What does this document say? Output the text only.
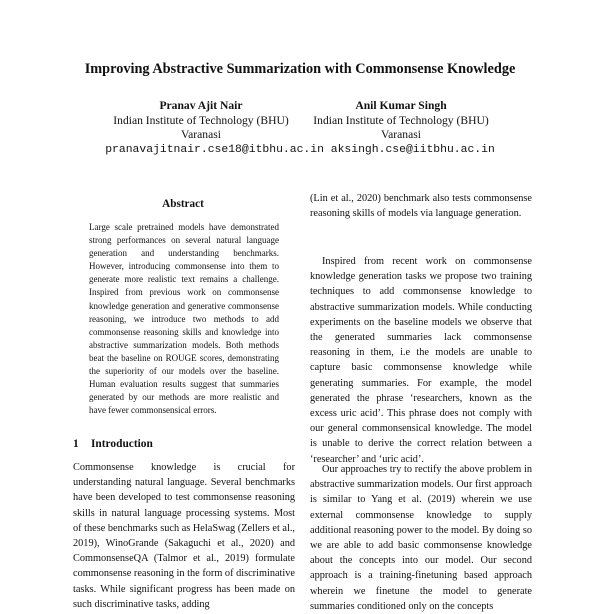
Improving Abstractive Summarization with Commonsense Knowledge
Pranav Ajit Nair
Indian Institute of Technology (BHU)
Varanasi
Anil Kumar Singh
Indian Institute of Technology (BHU)
Varanasi
pranavajitnair.cse18@itbhu.ac.in aksingh.cse@iitbhu.ac.in
Abstract
Large scale pretrained models have demonstrated strong performances on several natural language generation and understanding benchmarks. However, introducing commonsense into them to generate more realistic text remains a challenge. Inspired from previous work on commonsense knowledge generation and generative commonsense reasoning, we introduce two methods to add commonsense reasoning skills and knowledge into abstractive summarization models. Both methods beat the baseline on ROUGE scores, demonstrating the superiority of our models over the baseline. Human evaluation results suggest that summaries generated by our methods are more realistic and have fewer commonsensical errors.
1 Introduction
Commonsense knowledge is crucial for understanding natural language. Several benchmarks have been developed to test commonsense reasoning skills in natural language processing systems. Most of these benchmarks such as HelaSwag (Zellers et al., 2019), WinoGrande (Sakaguchi et al., 2020) and CommonsenseQA (Talmor et al., 2019) formulate commonsense reasoning in the form of discriminative tasks. While significant progress has been made on such discriminative tasks, adding
(Lin et al., 2020) benchmark also tests commonsense reasoning skills of models via language generation.
Inspired from recent work on commonsense knowledge generation tasks we propose two training techniques to add commonsense knowledge to abstractive summarization models. While conducting experiments on the baseline models we observe that the generated summaries lack commonsense reasoning in them, i.e the models are unable to capture basic commonsense knowledge while generating summaries. For example, the model generated the phrase ‘researchers, known as the excess uric acid’. This phrase does not comply with our general commonsensical knowledge. The model is unable to derive the correct relation between a ‘researcher’ and ‘uric acid’.
Our approaches try to rectify the above problem in abstractive summarization models. Our first approach is similar to Yang et al. (2019) wherein we use external commonsense knowledge to supply additional reasoning power to the model. By doing so we are able to add basic commonsense knowledge about the concepts into our model. Our second approach is a training-finetuning based approach wherein we finetune the model to generate summaries conditioned only on the concepts
